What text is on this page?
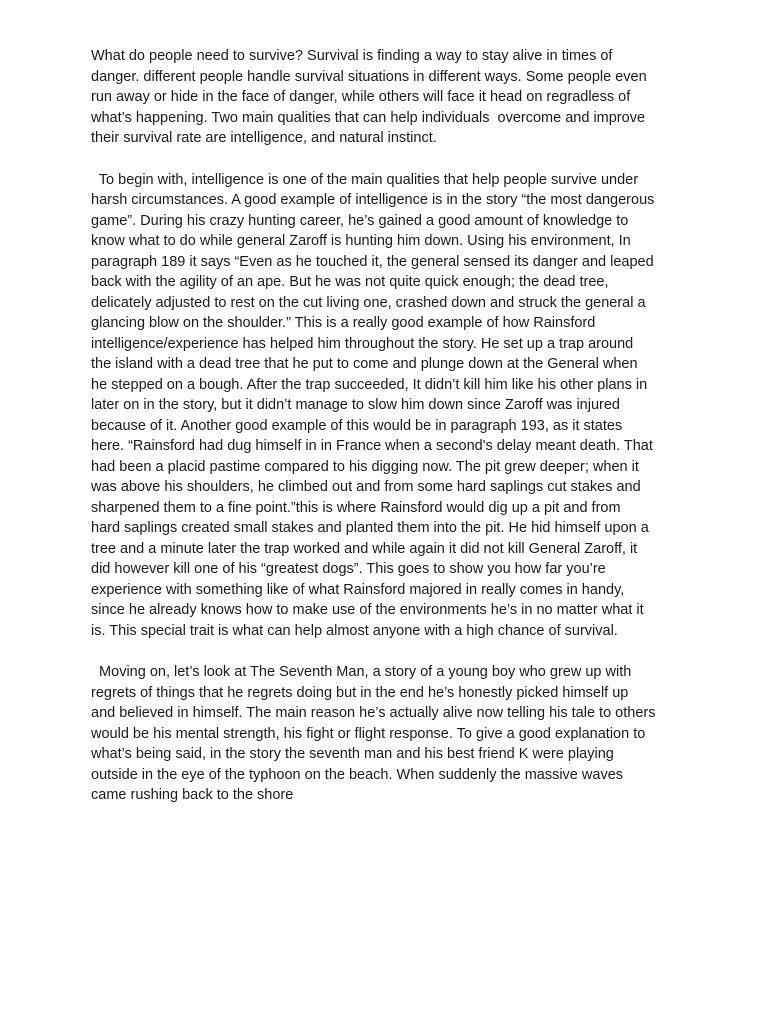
What do people need to survive? Survival is finding a way to stay alive in times of
danger. different people handle survival situations in different ways. Some people even
run away or hide in the face of danger, while others will face it head on regradless of
what’s happening. Two main qualities that can help individuals  overcome and improve
their survival rate are intelligence, and natural instinct.

To begin with, intelligence is one of the main qualities that help people survive under
harsh circumstances. A good example of intelligence is in the story “the most dangerous
game”. During his crazy hunting career, he’s gained a good amount of knowledge to
know what to do while general Zaroff is hunting him down. Using his environment, In
paragraph 189 it says “Even as he touched it, the general sensed its danger and leaped
back with the agility of an ape. But he was not quite quick enough; the dead tree,
delicately adjusted to rest on the cut living one, crashed down and struck the general a
glancing blow on the shoulder.” This is a really good example of how Rainsford
intelligence/experience has helped him throughout the story. He set up a trap around
the island with a dead tree that he put to come and plunge down at the General when
he stepped on a bough. After the trap succeeded, It didn’t kill him like his other plans in
later on in the story, but it didn’t manage to slow him down since Zaroff was injured
because of it. Another good example of this would be in paragraph 193, as it states
here. “Rainsford had dug himself in in France when a second's delay meant death. That
had been a placid pastime compared to his digging now. The pit grew deeper; when it
was above his shoulders, he climbed out and from some hard saplings cut stakes and
sharpened them to a fine point.”this is where Rainsford would dig up a pit and from
hard saplings created small stakes and planted them into the pit. He hid himself upon a
tree and a minute later the trap worked and while again it did not kill General Zaroff, it
did however kill one of his “greatest dogs”. This goes to show you how far you’re
experience with something like of what Rainsford majored in really comes in handy,
since he already knows how to make use of the environments he’s in no matter what it
is. This special trait is what can help almost anyone with a high chance of survival.

Moving on, let’s look at The Seventh Man, a story of a young boy who grew up with
regrets of things that he regrets doing but in the end he’s honestly picked himself up
and believed in himself. The main reason he’s actually alive now telling his tale to others
would be his mental strength, his fight or flight response. To give a good explanation to
what’s being said, in the story the seventh man and his best friend K were playing
outside in the eye of the typhoon on the beach. When suddenly the massive waves
came rushing back to the shore
